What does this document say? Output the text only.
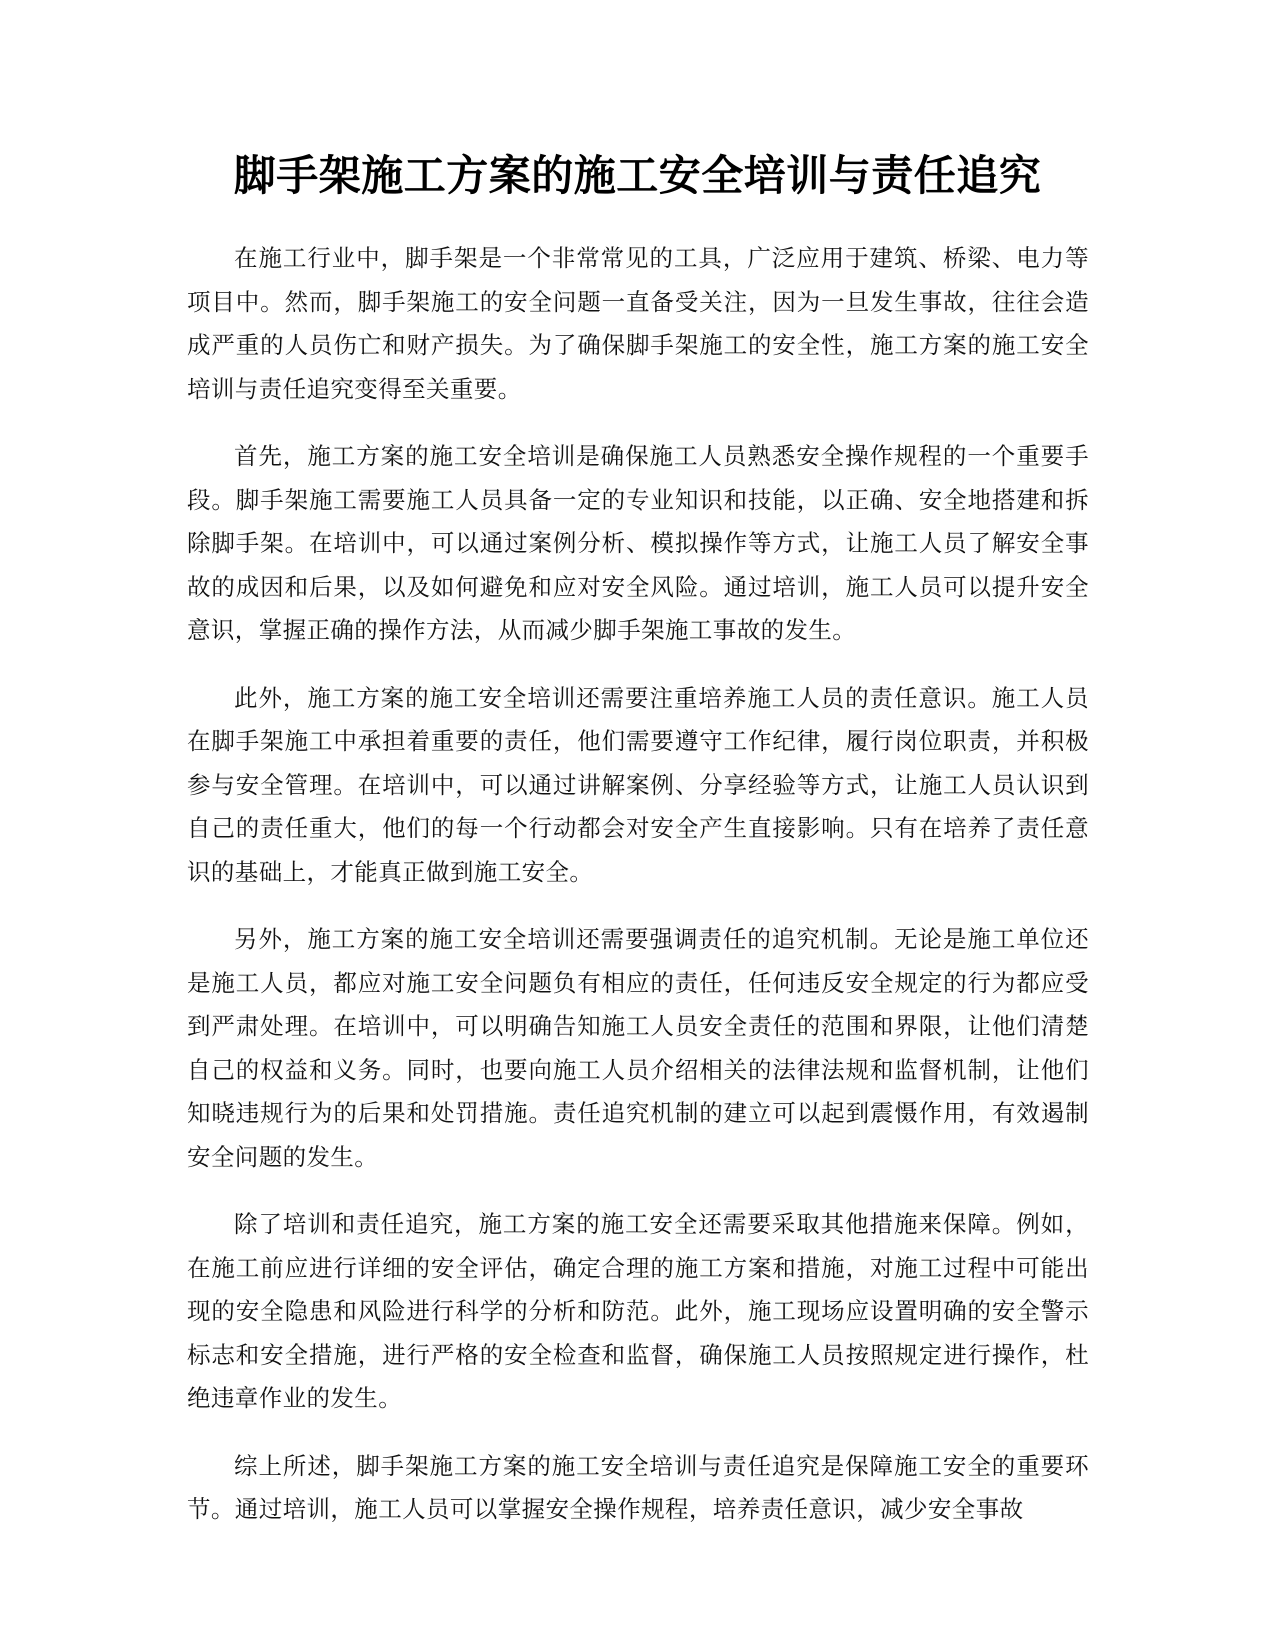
脚手架施工方案的施工安全培训与责任追究

在施工行业中，脚手架是一个非常常见的工具，广泛应用于建筑、桥梁、电力等项目中。然而，脚手架施工的安全问题一直备受关注，因为一旦发生事故，往往会造成严重的人员伤亡和财产损失。为了确保脚手架施工的安全性，施工方案的施工安全培训与责任追究变得至关重要。

首先，施工方案的施工安全培训是确保施工人员熟悉安全操作规程的一个重要手段。脚手架施工需要施工人员具备一定的专业知识和技能，以正确、安全地搭建和拆除脚手架。在培训中，可以通过案例分析、模拟操作等方式，让施工人员了解安全事故的成因和后果，以及如何避免和应对安全风险。通过培训，施工人员可以提升安全意识，掌握正确的操作方法，从而减少脚手架施工事故的发生。

此外，施工方案的施工安全培训还需要注重培养施工人员的责任意识。施工人员在脚手架施工中承担着重要的责任，他们需要遵守工作纪律，履行岗位职责，并积极参与安全管理。在培训中，可以通过讲解案例、分享经验等方式，让施工人员认识到自己的责任重大，他们的每一个行动都会对安全产生直接影响。只有在培养了责任意识的基础上，才能真正做到施工安全。

另外，施工方案的施工安全培训还需要强调责任的追究机制。无论是施工单位还是施工人员，都应对施工安全问题负有相应的责任，任何违反安全规定的行为都应受到严肃处理。在培训中，可以明确告知施工人员安全责任的范围和界限，让他们清楚自己的权益和义务。同时，也要向施工人员介绍相关的法律法规和监督机制，让他们知晓违规行为的后果和处罚措施。责任追究机制的建立可以起到震慑作用，有效遏制安全问题的发生。

除了培训和责任追究，施工方案的施工安全还需要采取其他措施来保障。例如，在施工前应进行详细的安全评估，确定合理的施工方案和措施，对施工过程中可能出现的安全隐患和风险进行科学的分析和防范。此外，施工现场应设置明确的安全警示标志和安全措施，进行严格的安全检查和监督，确保施工人员按照规定进行操作，杜绝违章作业的发生。

综上所述，脚手架施工方案的施工安全培训与责任追究是保障施工安全的重要环节。通过培训，施工人员可以掌握安全操作规程，培养责任意识，减少安全事故
